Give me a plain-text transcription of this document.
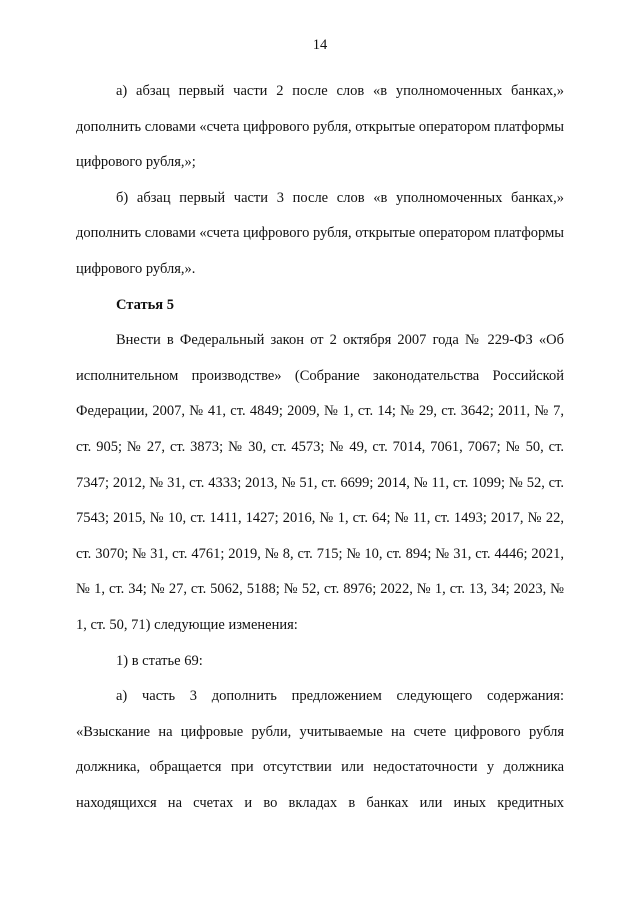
14

а) абзац первый части 2 после слов «в уполномоченных банках,» дополнить словами «счета цифрового рубля, открытые оператором платформы цифрового рубля,»;

б) абзац первый части 3 после слов «в уполномоченных банках,» дополнить словами «счета цифрового рубля, открытые оператором платформы цифрового рубля,».

Статья 5

Внести в Федеральный закон от 2 октября 2007 года № 229-ФЗ «Об исполнительном производстве» (Собрание законодательства Российской Федерации, 2007, № 41, ст. 4849; 2009, № 1, ст. 14; № 29, ст. 3642; 2011, № 7, ст. 905; № 27, ст. 3873; № 30, ст. 4573; № 49, ст. 7014, 7061, 7067; № 50, ст. 7347; 2012, № 31, ст. 4333; 2013, № 51, ст. 6699; 2014, № 11, ст. 1099; № 52, ст. 7543; 2015, № 10, ст. 1411, 1427; 2016, № 1, ст. 64; № 11, ст. 1493; 2017, № 22, ст. 3070; № 31, ст. 4761; 2019, № 8, ст. 715; № 10, ст. 894; № 31, ст. 4446; 2021, № 1, ст. 34; № 27, ст. 5062, 5188; № 52, ст. 8976; 2022, № 1, ст. 13, 34; 2023, № 1, ст. 50, 71) следующие изменения:

1) в статье 69:

а) часть 3 дополнить предложением следующего содержания: «Взыскание на цифровые рубли, учитываемые на счете цифрового рубля должника, обращается при отсутствии или недостаточности у должника находящихся на счетах и во вкладах в банках или иных кредитных
